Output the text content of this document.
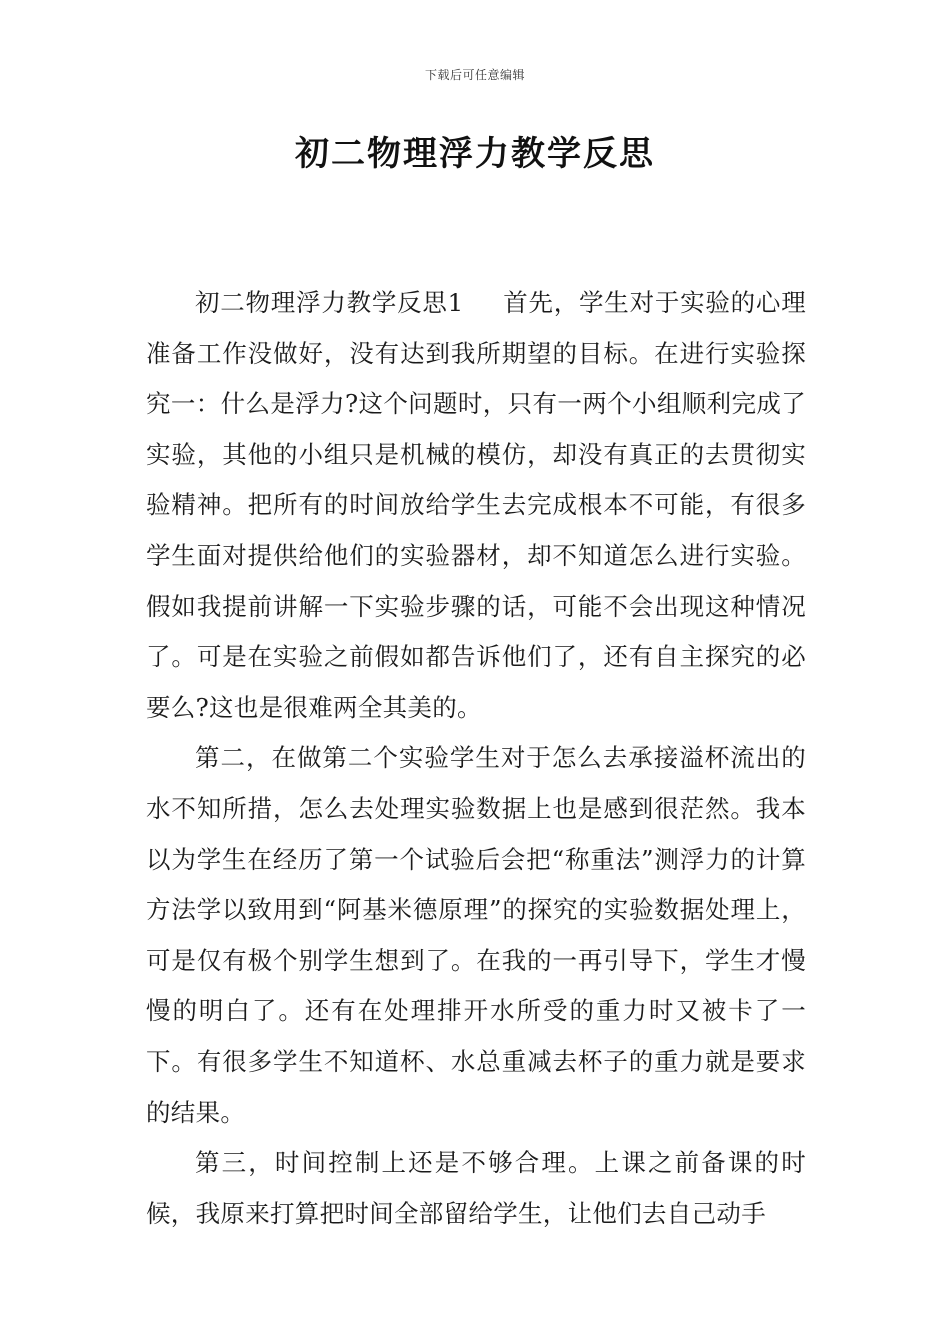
下载后可任意编辑
初二物理浮力教学反思

初二物理浮力教学反思1 首先，学生对于实验的心理准备工作没做好，没有达到我所期望的目标。在进行实验探究一：什么是浮力?这个问题时，只有一两个小组顺利完成了实验，其他的小组只是机械的模仿，却没有真正的去贯彻实验精神。把所有的时间放给学生去完成根本不可能，有很多学生面对提供给他们的实验器材，却不知道怎么进行实验。假如我提前讲解一下实验步骤的话，可能不会出现这种情况了。可是在实验之前假如都告诉他们了，还有自主探究的必要么?这也是很难两全其美的。

第二，在做第二个实验学生对于怎么去承接溢杯流出的水不知所措，怎么去处理实验数据上也是感到很茫然。我本以为学生在经历了第一个试验后会把“称重法”测浮力的计算方法学以致用到“阿基米德原理”的探究的实验数据处理上，可是仅有极个别学生想到了。在我的一再引导下，学生才慢慢的明白了。还有在处理排开水所受的重力时又被卡了一下。有很多学生不知道杯、水总重减去杯子的重力就是要求的结果。

第三，时间控制上还是不够合理。上课之前备课的时候，我原来打算把时间全部留给学生，让他们去自己动手
